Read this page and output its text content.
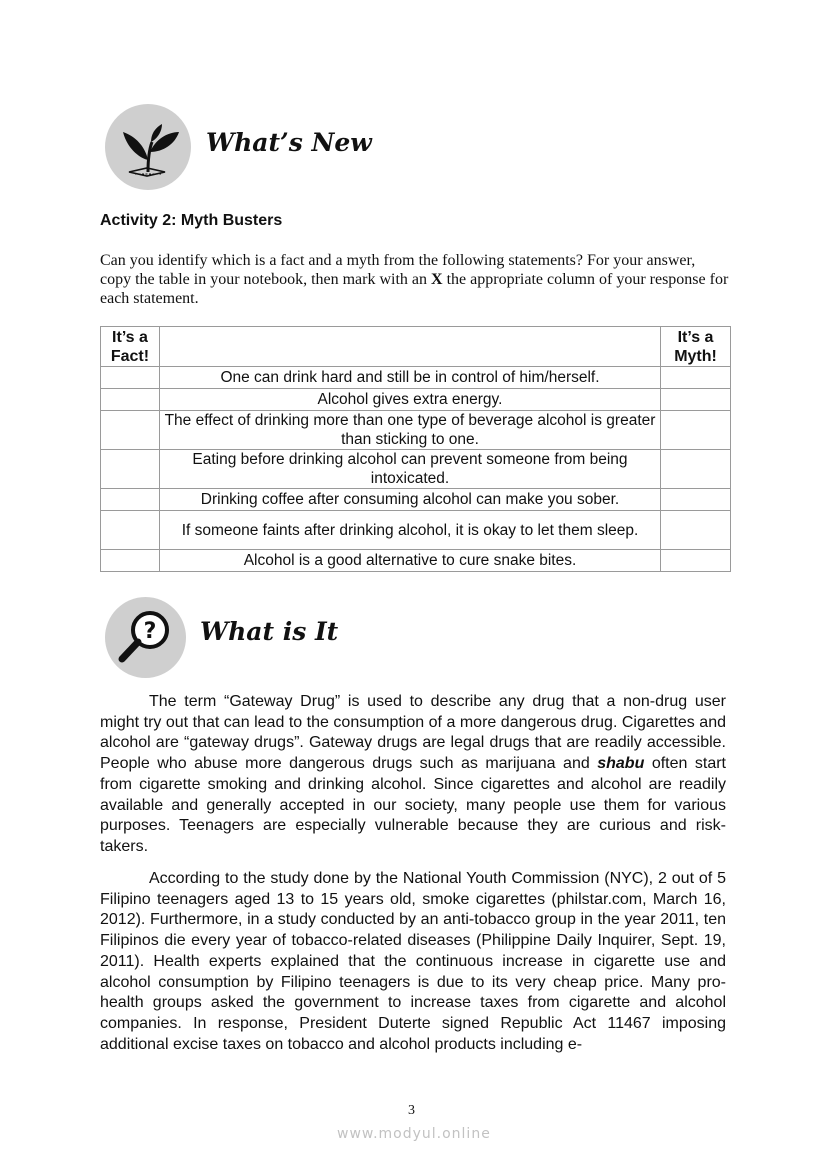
What’s New
Activity 2: Myth Busters
Can you identify which is a fact and a myth from the following statements? For your answer, copy the table in your notebook, then mark with an X the appropriate column of your response for each statement.
It’s a Fact!		It’s a Myth!
	One can drink hard and still be in control of him/herself.	
	Alcohol gives extra energy.	
	The effect of drinking more than one type of beverage alcohol is greater than sticking to one.	
	Eating before drinking alcohol can prevent someone from being intoxicated.	
	Drinking coffee after consuming alcohol can make you sober.	
	If someone faints after drinking alcohol, it is okay to let them sleep.	
	Alcohol is a good alternative to cure snake bites.	
? What is It

The term “Gateway Drug” is used to describe any drug that a non-drug user might try out that can lead to the consumption of a more dangerous drug. Cigarettes and alcohol are “gateway drugs”. Gateway drugs are legal drugs that are readily accessible. People who abuse more dangerous drugs such as marijuana and shabu often start from cigarette smoking and drinking alcohol. Since cigarettes and alcohol are readily available and generally accepted in our society, many people use them for various purposes. Teenagers are especially vulnerable because they are curious and risk-takers.

According to the study done by the National Youth Commission (NYC), 2 out of 5 Filipino teenagers aged 13 to 15 years old, smoke cigarettes (philstar.com, March 16, 2012). Furthermore, in a study conducted by an anti-tobacco group in the year 2011, ten Filipinos die every year of tobacco-related diseases (Philippine Daily Inquirer, Sept. 19, 2011). Health experts explained that the continuous increase in cigarette use and alcohol consumption by Filipino teenagers is due to its very cheap price. Many pro-health groups asked the government to increase taxes from cigarette and alcohol companies. In response, President Duterte signed Republic Act 11467 imposing additional excise taxes on tobacco and alcohol products including e-

3
www.modyul.online
